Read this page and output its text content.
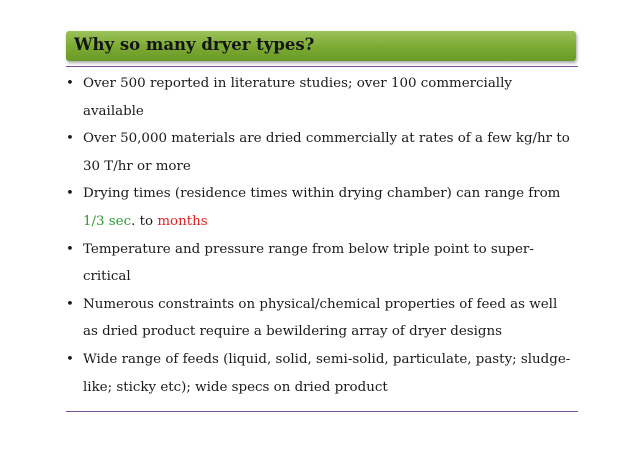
Why so many dryer types?
• Over 500 reported in literature studies; over 100 commercially
available
• Over 50,000 materials are dried commercially at rates of a few kg/hr to
30 T/hr or more
• Drying times (residence times within drying chamber) can range from
1/3 sec. to months
• Temperature and pressure range from below triple point to super-
critical
• Numerous constraints on physical/chemical properties of feed as well
as dried product require a bewildering array of dryer designs
• Wide range of feeds (liquid, solid, semi-solid, particulate, pasty; sludge-
like; sticky etc); wide specs on dried product
